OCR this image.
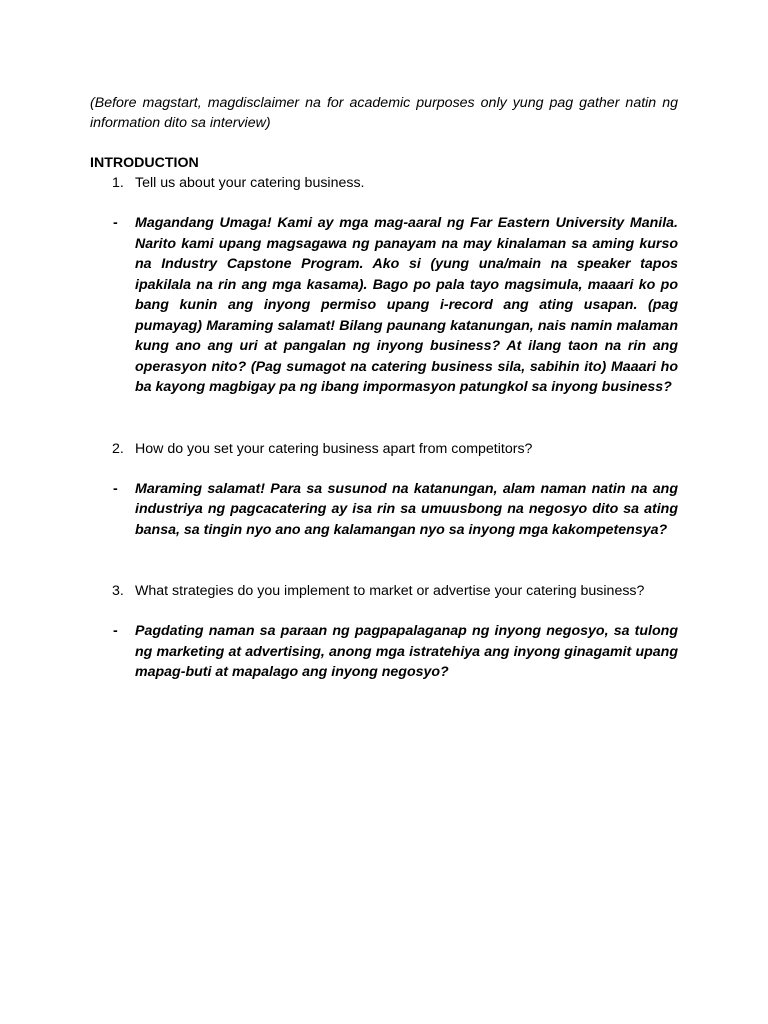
(Before magstart, magdisclaimer na for academic purposes only yung pag gather natin ng information dito sa interview)

INTRODUCTION
1. Tell us about your catering business.
- Magandang Umaga! Kami ay mga mag-aaral ng Far Eastern University Manila. Narito kami upang magsagawa ng panayam na may kinalaman sa aming kurso na Industry Capstone Program. Ako si (yung una/main na speaker tapos ipakilala na rin ang mga kasama). Bago po pala tayo magsimula, maaari ko po bang kunin ang inyong permiso upang i-record ang ating usapan. (pag pumayag) Maraming salamat! Bilang paunang katanungan, nais namin malaman kung ano ang uri at pangalan ng inyong business? At ilang taon na rin ang operasyon nito? (Pag sumagot na catering business sila, sabihin ito) Maaari ho ba kayong magbigay pa ng ibang impormasyon patungkol sa inyong business?
2. How do you set your catering business apart from competitors?
- Maraming salamat! Para sa susunod na katanungan, alam naman natin na ang industriya ng pagcacatering ay isa rin sa umuusbong na negosyo dito sa ating bansa, sa tingin nyo ano ang kalamangan nyo sa inyong mga kakompetensya?
3. What strategies do you implement to market or advertise your catering business?
- Pagdating naman sa paraan ng pagpapalaganap ng inyong negosyo, sa tulong ng marketing at advertising, anong mga istratehiya ang inyong ginagamit upang mapag-buti at mapalago ang inyong negosyo?
